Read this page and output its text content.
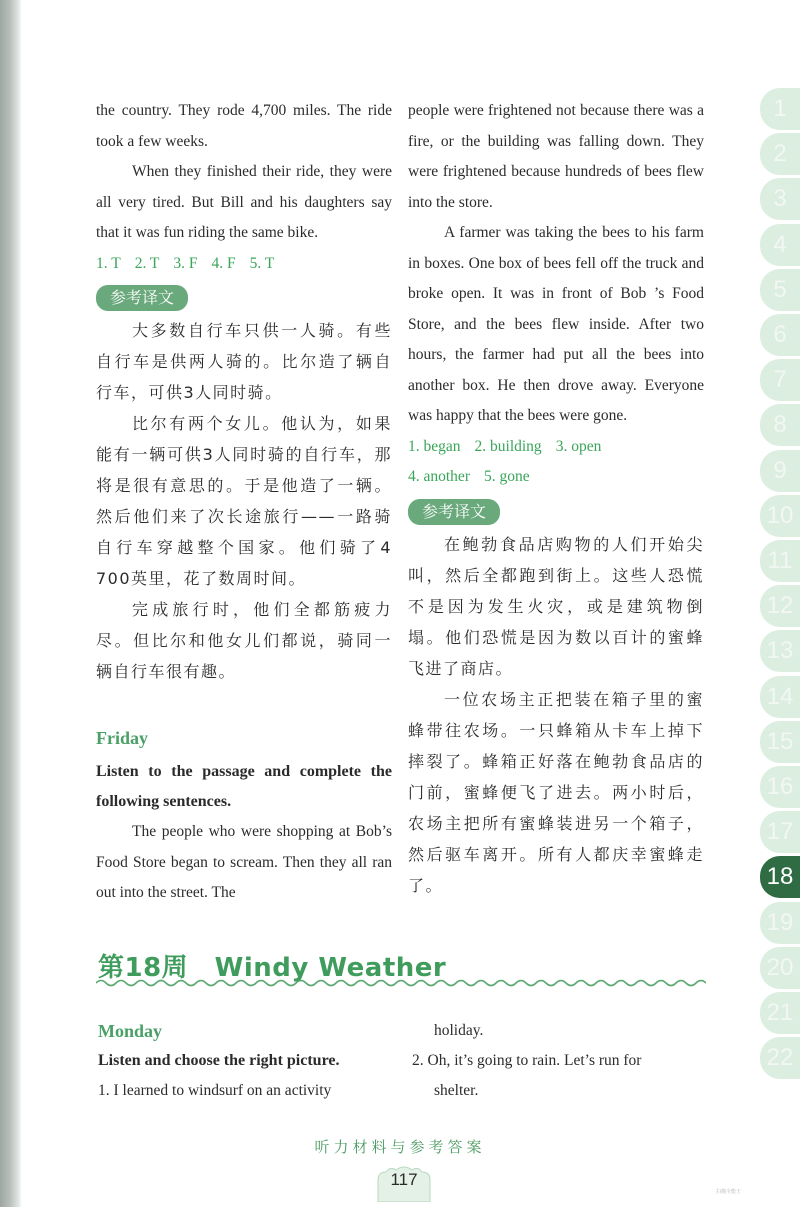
the country. They rode 4,700 miles. The ride took a few weeks.

When they finished their ride, they were all very tired. But Bill and his daughters say that it was fun riding the same bike.

1. T 2. T 3. F 4. F 5. T

参考译文

大多数自行车只供一人骑。有些自行车是供两人骑的。比尔造了辆自行车，可供3人同时骑。

比尔有两个女儿。他认为，如果能有一辆可供3人同时骑的自行车，那将是很有意思的。于是他造了一辆。然后他们来了次长途旅行——一路骑自行车穿越整个国家。他们骑了4 700英里，花了数周时间。

完成旅行时，他们全都筋疲力尽。但比尔和他女儿们都说，骑同一辆自行车很有趣。

Friday

Listen to the passage and complete the following sentences.

The people who were shopping at Bob’s Food Store began to scream. Then they all ran out into the street. The

people were frightened not because there was a fire, or the building was falling down. They were frightened because hundreds of bees flew into the store.

A farmer was taking the bees to his farm in boxes. One box of bees fell off the truck and broke open. It was in front of Bob ’s Food Store, and the bees flew inside. After two hours, the farmer had put all the bees into another box. He then drove away. Everyone was happy that the bees were gone.

1. began 2. building 3. open

4. another 5. gone

参考译文

在鲍勃食品店购物的人们开始尖叫，然后全都跑到街上。这些人恐慌不是因为发生火灾，或是建筑物倒塌。他们恐慌是因为数以百计的蜜蜂飞进了商店。

一位农场主正把装在箱子里的蜜蜂带往农场。一只蜂箱从卡车上掉下摔裂了。蜂箱正好落在鲍勃食品店的门前，蜜蜂便飞了进去。两小时后，农场主把所有蜜蜂装进另一个箱子，然后驱车离开。所有人都庆幸蜜蜂走了。

第18周　Windy Weather

Monday

Listen and choose the right picture.

1. I learned to windsurf on an activity

holiday.

2. Oh, it’s going to rain. Let’s run for

shelter.

听力材料与参考答案
117
1
2
3
4
5
6
7
8
9
10
11
12
13
14
15
16
17
18
19
20
21
22
扫描全能王
